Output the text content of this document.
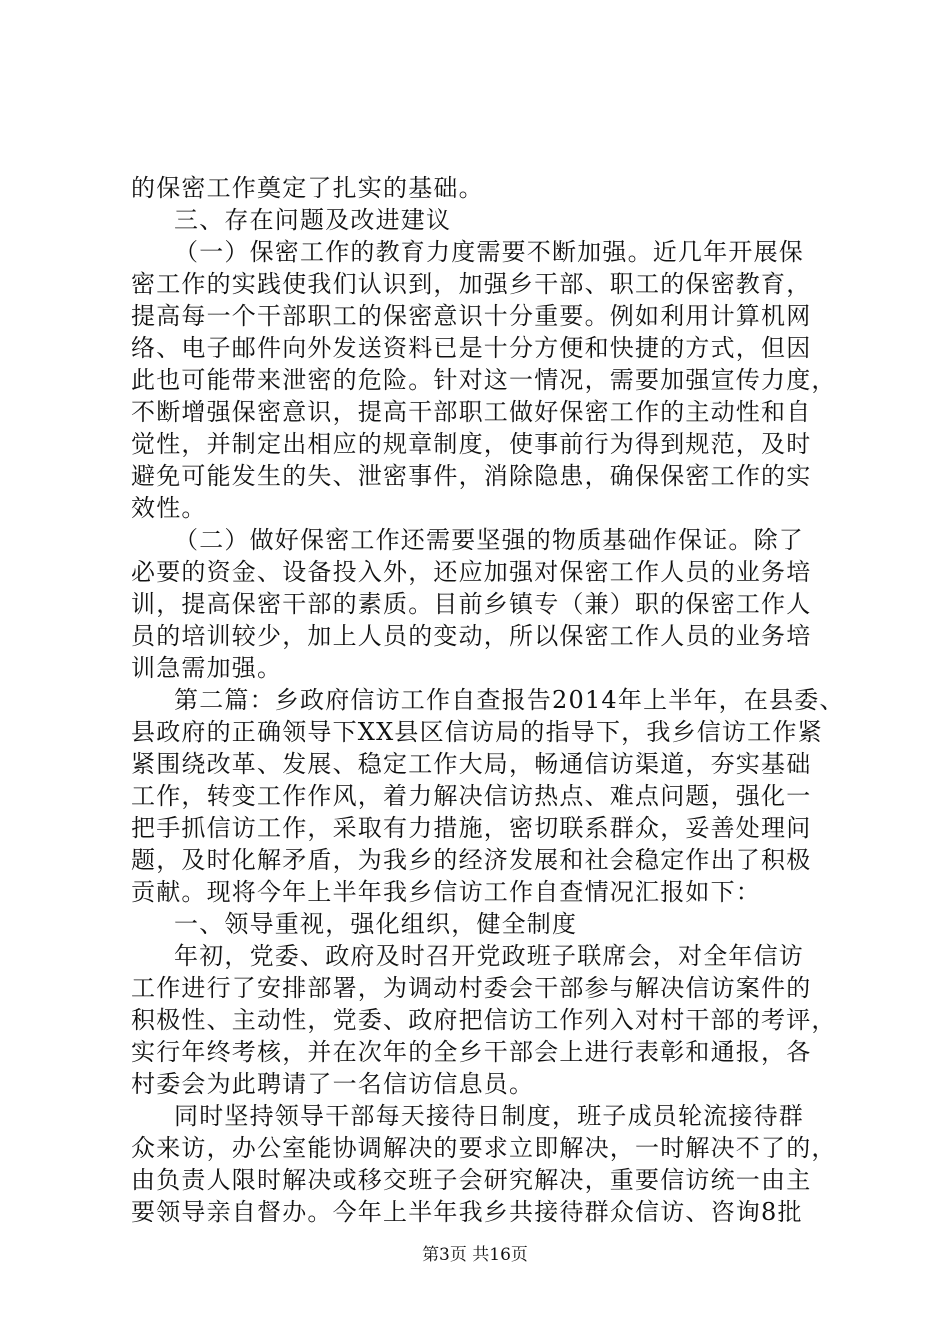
的保密工作奠定了扎实的基础。
三、存在问题及改进建议
（一）保密工作的教育力度需要不断加强。近几年开展保
密工作的实践使我们认识到，加强乡干部、职工的保密教育，
提高每一个干部职工的保密意识十分重要。例如利用计算机网
络、电子邮件向外发送资料已是十分方便和快捷的方式，但因
此也可能带来泄密的危险。针对这一情况，需要加强宣传力度，
不断增强保密意识，提高干部职工做好保密工作的主动性和自
觉性，并制定出相应的规章制度，使事前行为得到规范，及时
避免可能发生的失、泄密事件，消除隐患，确保保密工作的实
效性。
（二）做好保密工作还需要坚强的物质基础作保证。除了
必要的资金、设备投入外，还应加强对保密工作人员的业务培
训，提高保密干部的素质。目前乡镇专（兼）职的保密工作人
员的培训较少，加上人员的变动，所以保密工作人员的业务培
训急需加强。
第二篇：乡政府信访工作自查报告2014年上半年，在县委、
县政府的正确领导下XX县区信访局的指导下，我乡信访工作紧
紧围绕改革、发展、稳定工作大局，畅通信访渠道，夯实基础
工作，转变工作作风，着力解决信访热点、难点问题，强化一
把手抓信访工作，采取有力措施，密切联系群众，妥善处理问
题，及时化解矛盾，为我乡的经济发展和社会稳定作出了积极
贡献。现将今年上半年我乡信访工作自查情况汇报如下：
一、领导重视，强化组织，健全制度
年初，党委、政府及时召开党政班子联席会，对全年信访
工作进行了安排部署，为调动村委会干部参与解决信访案件的
积极性、主动性，党委、政府把信访工作列入对村干部的考评，
实行年终考核，并在次年的全乡干部会上进行表彰和通报，各
村委会为此聘请了一名信访信息员。
同时坚持领导干部每天接待日制度，班子成员轮流接待群
众来访，办公室能协调解决的要求立即解决，一时解决不了的，
由负责人限时解决或移交班子会研究解决，重要信访统一由主
要领导亲自督办。今年上半年我乡共接待群众信访、咨询8批
第3页 共16页
